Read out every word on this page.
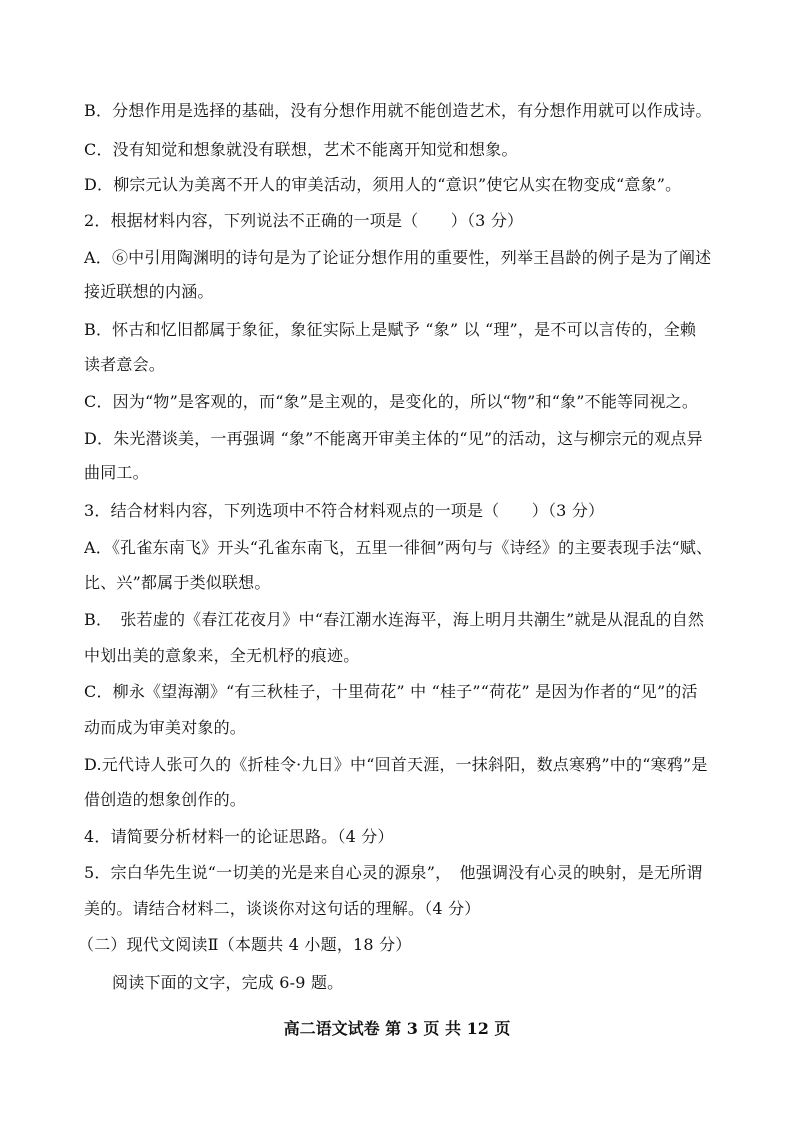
B．分想作用是选择的基础，没有分想作用就不能创造艺术，有分想作用就可以作成诗。
C．没有知觉和想象就没有联想，艺术不能离开知觉和想象。
D．柳宗元认为美离不开人的审美活动，须用人的“意识”使它从实在物变成“意象”。
2．根据材料内容，下列说法不正确的一项是（　　）（3 分）
A．⑥中引用陶渊明的诗句是为了论证分想作用的重要性，列举王昌龄的例子是为了阐述
接近联想的内涵。
B．怀古和忆旧都属于象征，象征实际上是赋予 “象” 以 “理”，是不可以言传的，全赖
读者意会。
C．因为“物”是客观的，而“象”是主观的，是变化的，所以“物”和“象”不能等同视之。
D．朱光潜谈美，一再强调 “象”不能离开审美主体的“见”的活动，这与柳宗元的观点异
曲同工。
3．结合材料内容，下列选项中不符合材料观点的一项是（　　）（3 分）
A．《孔雀东南飞》开头“孔雀东南飞，五里一徘徊”两句与《诗经》的主要表现手法“赋、
比、兴”都属于类似联想。
B．　张若虚的《春江花夜月》中“春江潮水连海平，海上明月共潮生”就是从混乱的自然
中划出美的意象来，全无机杼的痕迹。
C．柳永《望海潮》“有三秋桂子，十里荷花” 中 “桂子”“荷花” 是因为作者的“见”的活
动而成为审美对象的。
D.元代诗人张可久的《折桂令·九日》中“回首天涯，一抹斜阳，数点寒鸦”中的“寒鸦”是
借创造的想象创作的。
4．请简要分析材料一的论证思路。（4 分）
5．宗白华先生说“一切美的光是来自心灵的源泉”，　他强调没有心灵的映射，是无所谓
美的。请结合材料二，谈谈你对这句话的理解。（4 分）
（二）现代文阅读Ⅱ（本题共 4 小题，18 分）
阅读下面的文字，完成 6-9 题。
高二语文试卷 第 3 页 共 12 页
